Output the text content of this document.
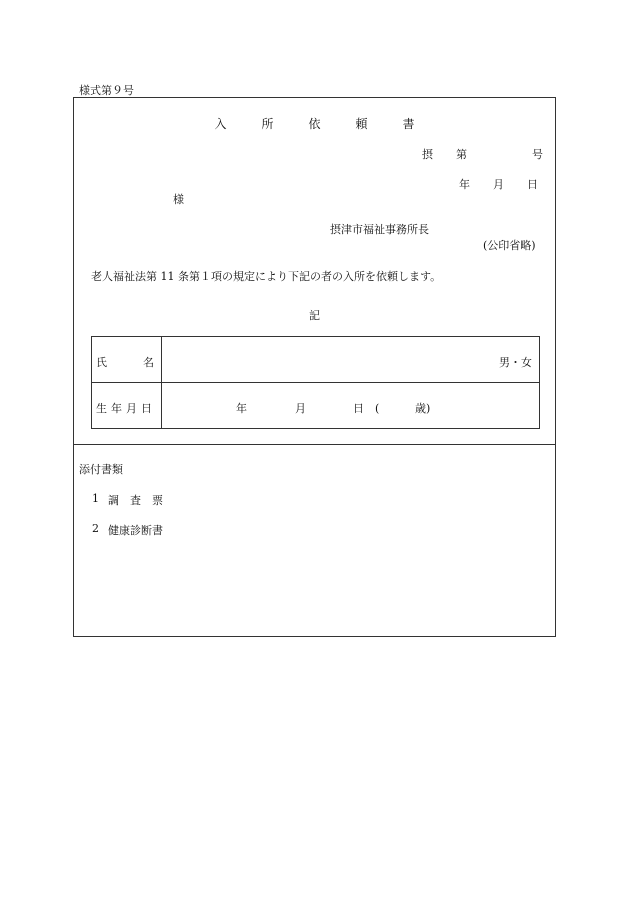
様式第９号
入	所	依	頼	書
摂 第	号
年 月 日
様
摂津市福祉事務所長
(公印省略)
老人福祉法第 11 条第１項の規定により下記の者の入所を依頼します。
記
氏	名	男・女
生 年 月 日	年	月	日 (	歳)
添付書類
1 調 査 票
2 健康診断書
